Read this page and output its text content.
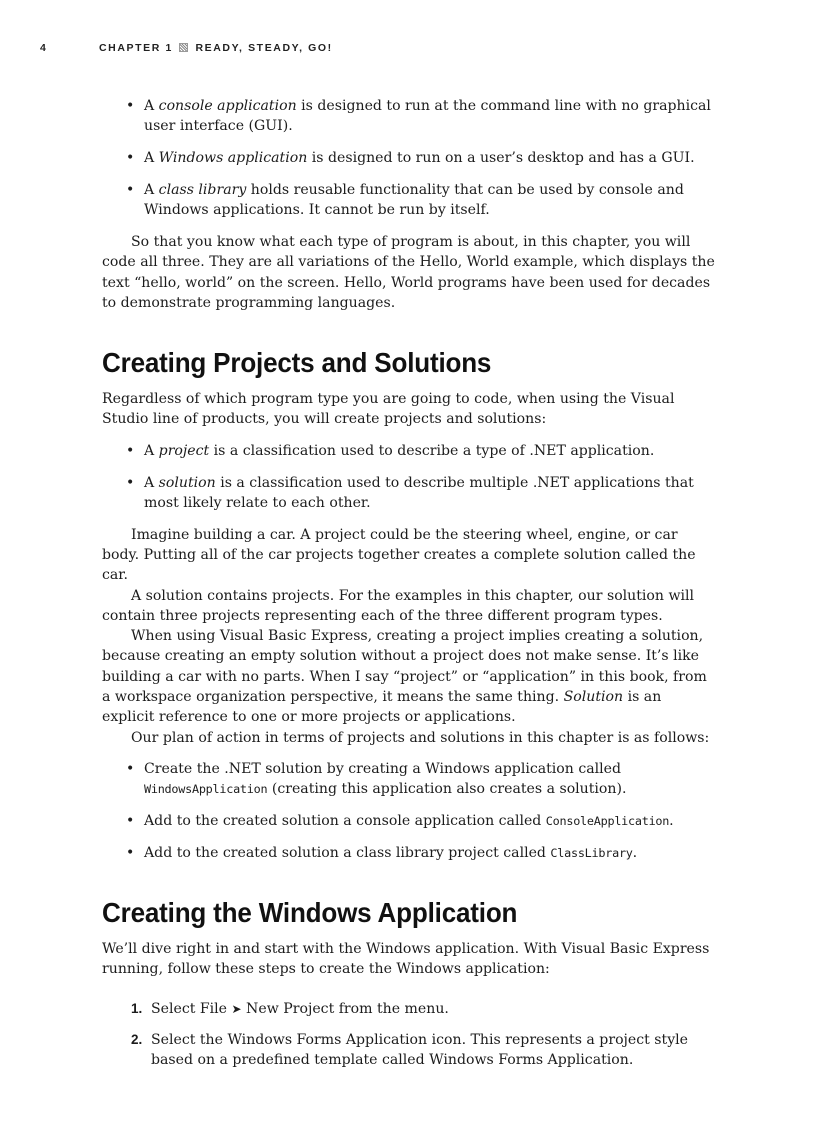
4	CHAPTER 1 READY, STEADY, GO!
• A console application is designed to run at the command line with no graphical user interface (GUI).
• A Windows application is designed to run on a user’s desktop and has a GUI.
• A class library holds reusable functionality that can be used by console and Windows applications. It cannot be run by itself.

So that you know what each type of program is about, in this chapter, you will code all three. They are all variations of the Hello, World example, which displays the text “hello, world” on the screen. Hello, World programs have been used for decades to demonstrate programming languages.

Creating Projects and Solutions

Regardless of which program type you are going to code, when using the Visual Studio line of products, you will create projects and solutions:

• A project is a classification used to describe a type of .NET application.
• A solution is a classification used to describe multiple .NET applications that most likely relate to each other.

Imagine building a car. A project could be the steering wheel, engine, or car body. Putting all of the car projects together creates a complete solution called the car.

A solution contains projects. For the examples in this chapter, our solution will contain three projects representing each of the three different program types.

When using Visual Basic Express, creating a project implies creating a solution, because creating an empty solution without a project does not make sense. It’s like building a car with no parts. When I say “project” or “application” in this book, from a workspace organization perspective, it means the same thing. Solution is an explicit reference to one or more projects or applications.

Our plan of action in terms of projects and solutions in this chapter is as follows:

• Create the .NET solution by creating a Windows application called WindowsApplication (creating this application also creates a solution).
• Add to the created solution a console application called ConsoleApplication.
• Add to the created solution a class library project called ClassLibrary.
Creating the Windows Application

We’ll dive right in and start with the Windows application. With Visual Basic Express running, follow these steps to create the Windows application:

1. Select File ➤ New Project from the menu.
2. Select the Windows Forms Application icon. This represents a project style based on a predefined template called Windows Forms Application.
